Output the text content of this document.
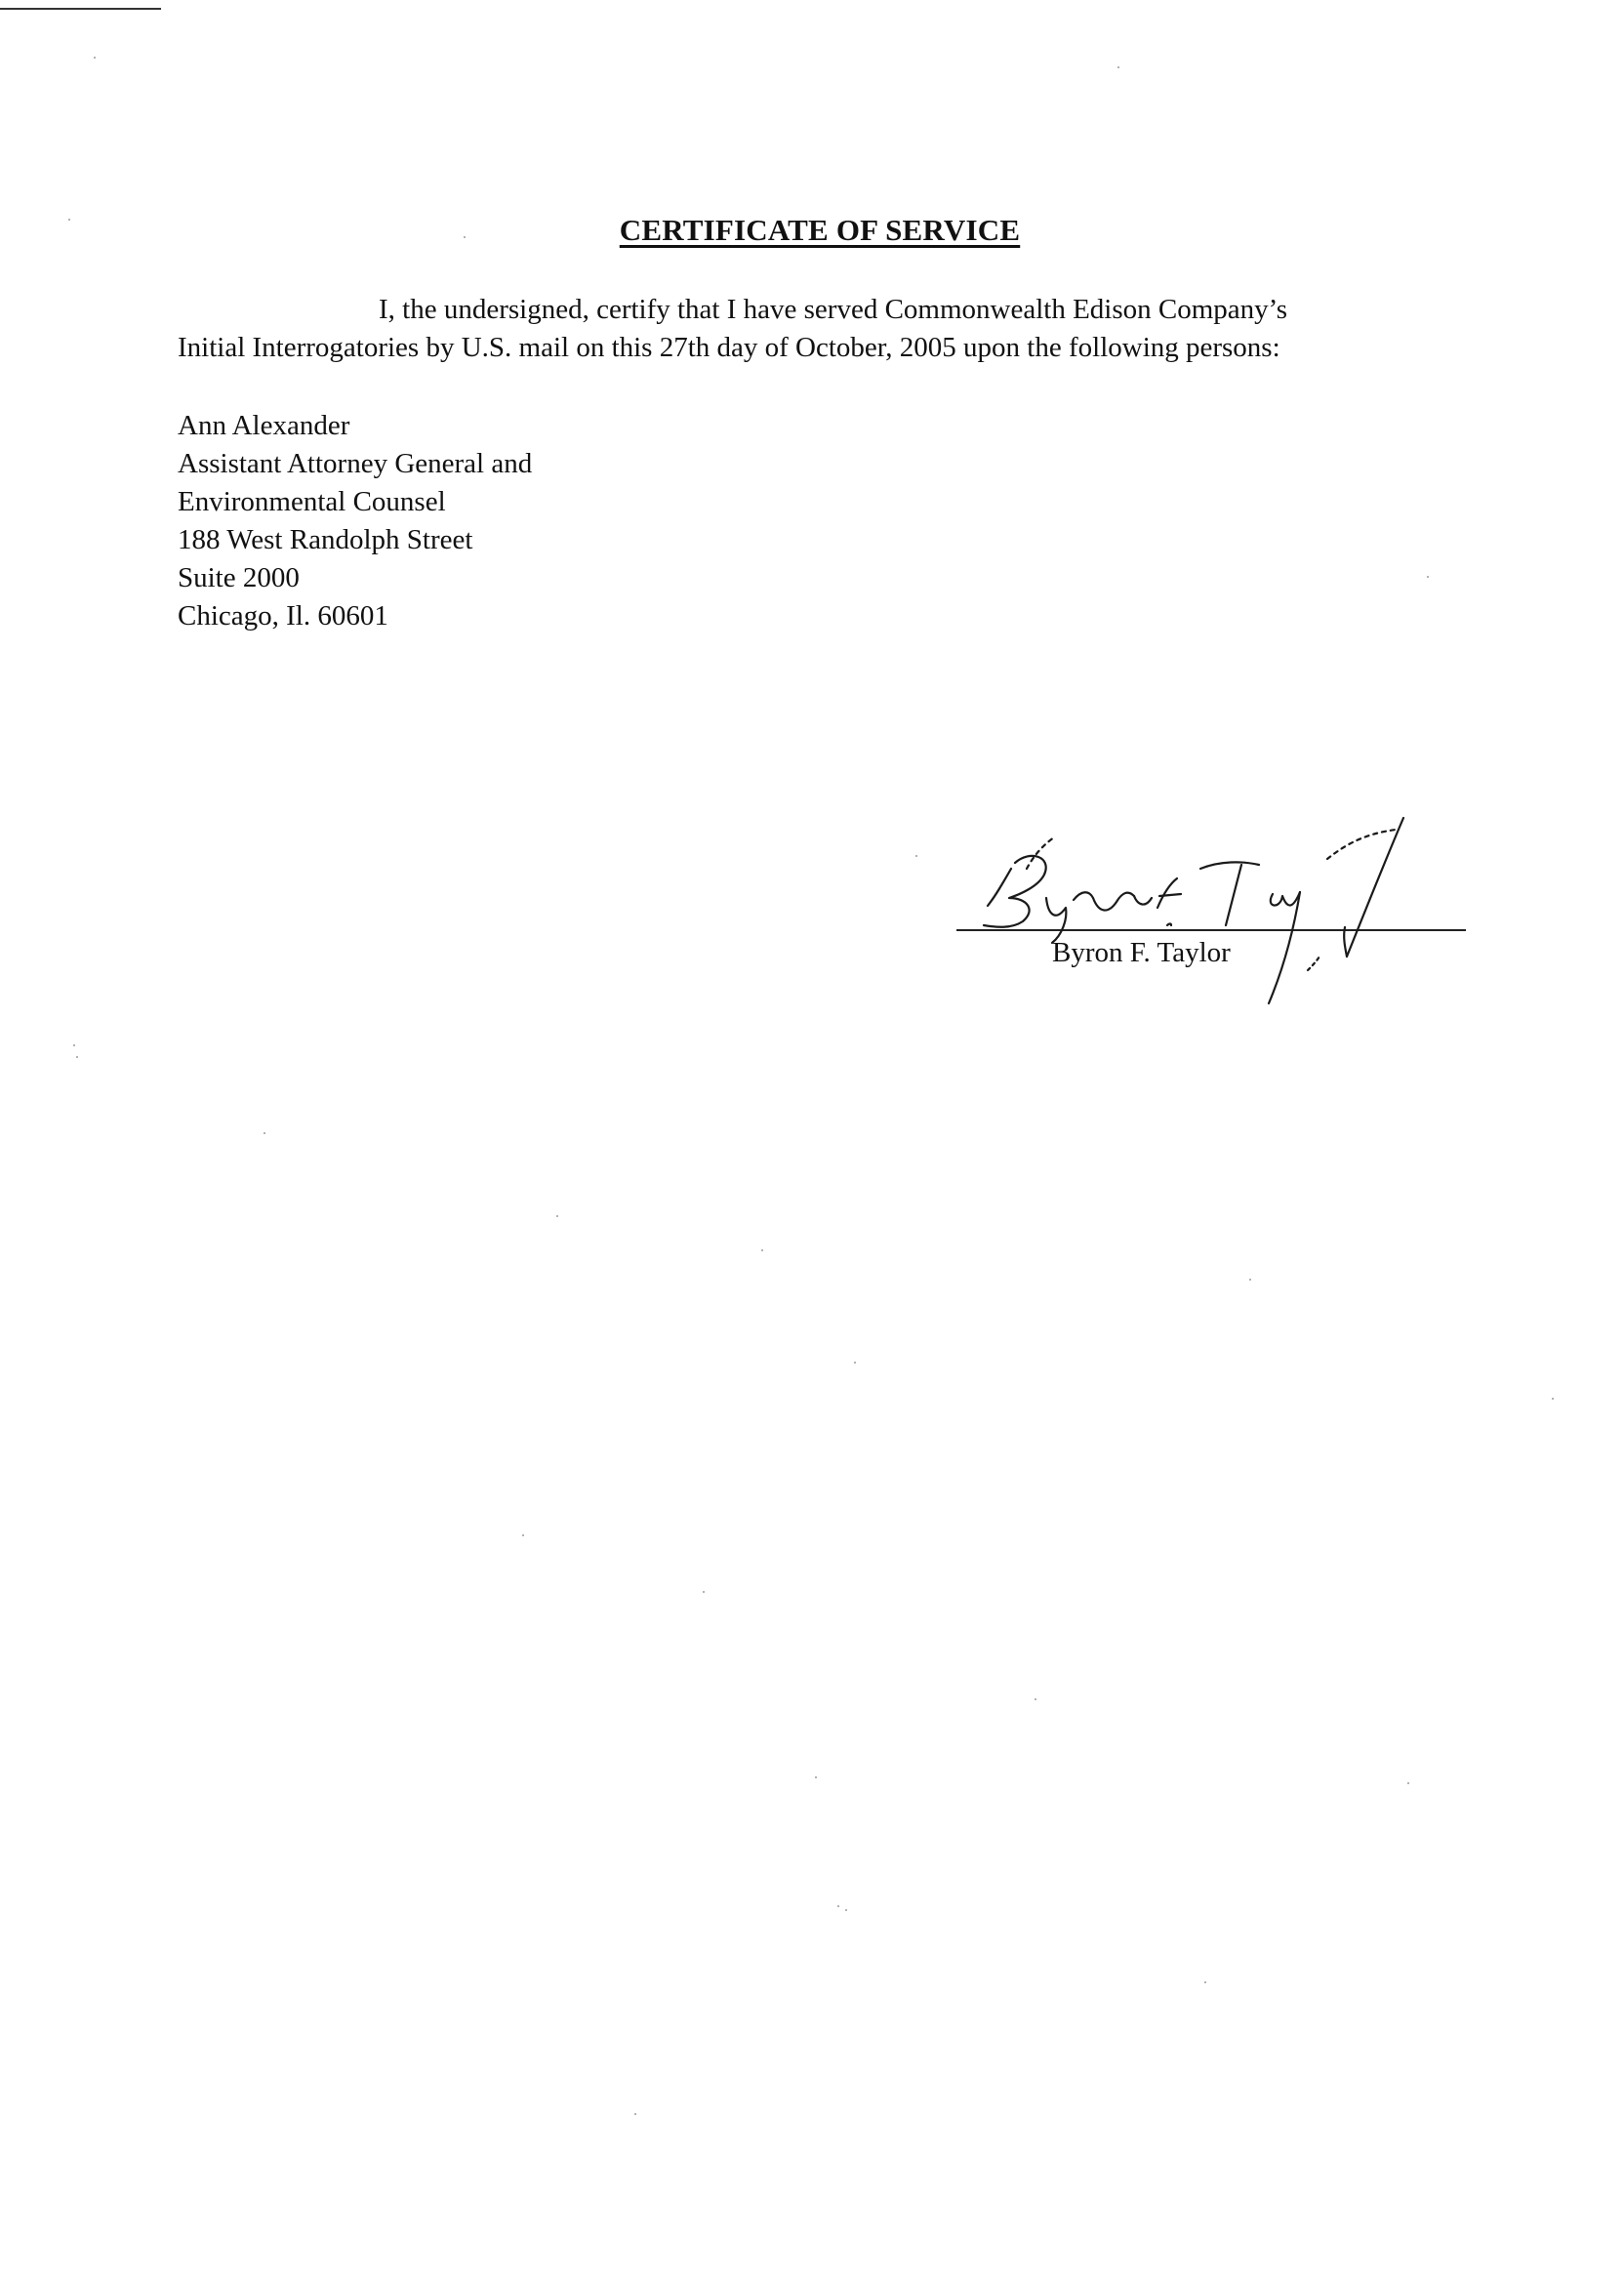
CERTIFICATE OF SERVICE
I, the undersigned, certify that I have served Commonwealth Edison Company’s
Initial Interrogatories by U.S. mail on this 27th day of October, 2005 upon the following persons:
Ann Alexander
Assistant Attorney General and
Environmental Counsel
188 West Randolph Street
Suite 2000
Chicago, Il. 60601
Byron F. Taylor
